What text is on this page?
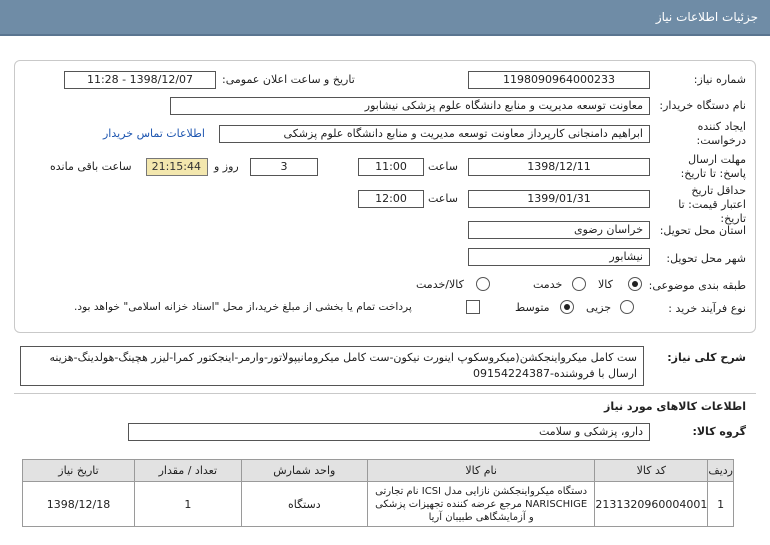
جزئیات اطلاعات نیاز
شماره نیاز:
1198090964000233
تاریخ و ساعت اعلان عمومی:
1398/12/07 - 11:28
نام دستگاه خریدار:
معاونت توسعه مدیریت و منابع دانشگاه علوم پزشکی نیشابور
ایجاد کننده درخواست:
ابراهیم دامنجانی کارپرداز معاونت توسعه مدیریت و منابع دانشگاه علوم پزشکی
اطلاعات تماس خریدار
مهلت ارسال پاسخ: تا تاریخ:
1398/12/11
ساعت
11:00
3
روز و
21:15:44
ساعت باقی مانده
حداقل تاریخ اعتبار قیمت: تا تاریخ:
1399/01/31
ساعت
12:00
استان محل تحویل:
خراسان رضوی
شهر محل تحویل:
نیشابور
طبقه بندی موضوعی:
کالا
خدمت
کالا/خدمت
نوع فرآیند خرید :
جزیی
متوسط
پرداخت تمام یا بخشی از مبلغ خرید،از محل "اسناد خزانه اسلامی" خواهد بود.
شرح کلی نیاز:
ست کامل میکرواینجکشن(میکروسکوپ اینورت نیکون-ست کامل میکرومانیپولاتور-وارمر-اینجکتور کمرا-لیزر هچینگ-هولدینگ-هزینه ارسال با فروشنده-09154224387
اطلاعات کالاهای مورد نیاز
گروه کالا:
دارو، پزشکی و سلامت
ردیف	کد کالا	نام کالا	واحد شمارش	تعداد / مقدار	تاریخ نیاز
1	2131320960004001	دستگاه میکرواینجکشن نازایی مدل ICSI نام تجارتی NARISCHIGE مرجع عرضه کننده تجهیزات پزشکی و آزمایشگاهی طبیبان آریا	دستگاه	1	1398/12/18
